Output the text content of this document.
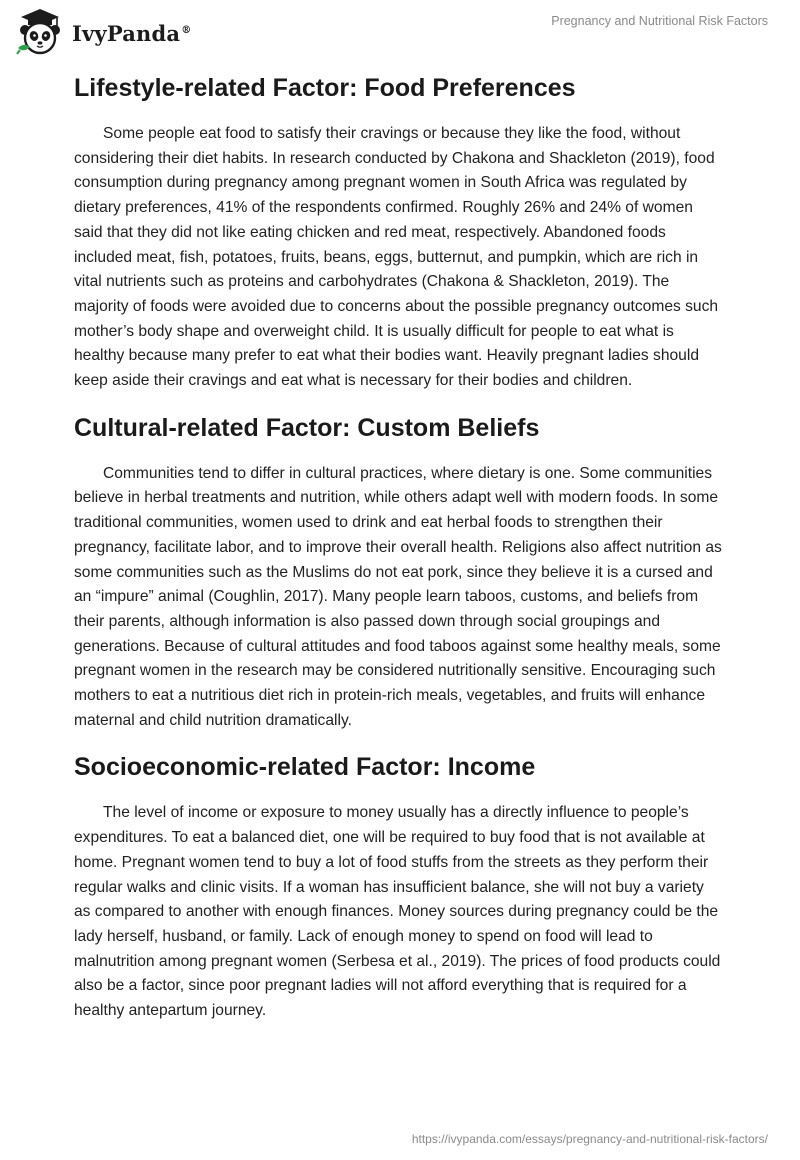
IvyPanda®
Pregnancy and Nutritional Risk Factors
Lifestyle-related Factor: Food Preferences

Some people eat food to satisfy their cravings or because they like the food, without considering their diet habits. In research conducted by Chakona and Shackleton (2019), food consumption during pregnancy among pregnant women in South Africa was regulated by dietary preferences, 41% of the respondents confirmed. Roughly 26% and 24% of women said that they did not like eating chicken and red meat, respectively. Abandoned foods included meat, fish, potatoes, fruits, beans, eggs, butternut, and pumpkin, which are rich in vital nutrients such as proteins and carbohydrates (Chakona & Shackleton, 2019). The majority of foods were avoided due to concerns about the possible pregnancy outcomes such mother’s body shape and overweight child. It is usually difficult for people to eat what is healthy because many prefer to eat what their bodies want. Heavily pregnant ladies should keep aside their cravings and eat what is necessary for their bodies and children.

Cultural-related Factor: Custom Beliefs

Communities tend to differ in cultural practices, where dietary is one. Some communities believe in herbal treatments and nutrition, while others adapt well with modern foods. In some traditional communities, women used to drink and eat herbal foods to strengthen their pregnancy, facilitate labor, and to improve their overall health. Religions also affect nutrition as some communities such as the Muslims do not eat pork, since they believe it is a cursed and an “impure” animal (Coughlin, 2017). Many people learn taboos, customs, and beliefs from their parents, although information is also passed down through social groupings and generations. Because of cultural attitudes and food taboos against some healthy meals, some pregnant women in the research may be considered nutritionally sensitive. Encouraging such mothers to eat a nutritious diet rich in protein-rich meals, vegetables, and fruits will enhance maternal and child nutrition dramatically.

Socioeconomic-related Factor: Income

The level of income or exposure to money usually has a directly influence to people’s expenditures. To eat a balanced diet, one will be required to buy food that is not available at home. Pregnant women tend to buy a lot of food stuffs from the streets as they perform their regular walks and clinic visits. If a woman has insufficient balance, she will not buy a variety as compared to another with enough finances. Money sources during pregnancy could be the lady herself, husband, or family. Lack of enough money to spend on food will lead to malnutrition among pregnant women (Serbesa et al., 2019). The prices of food products could also be a factor, since poor pregnant ladies will not afford everything that is required for a healthy antepartum journey.

https://ivypanda.com/essays/pregnancy-and-nutritional-risk-factors/
